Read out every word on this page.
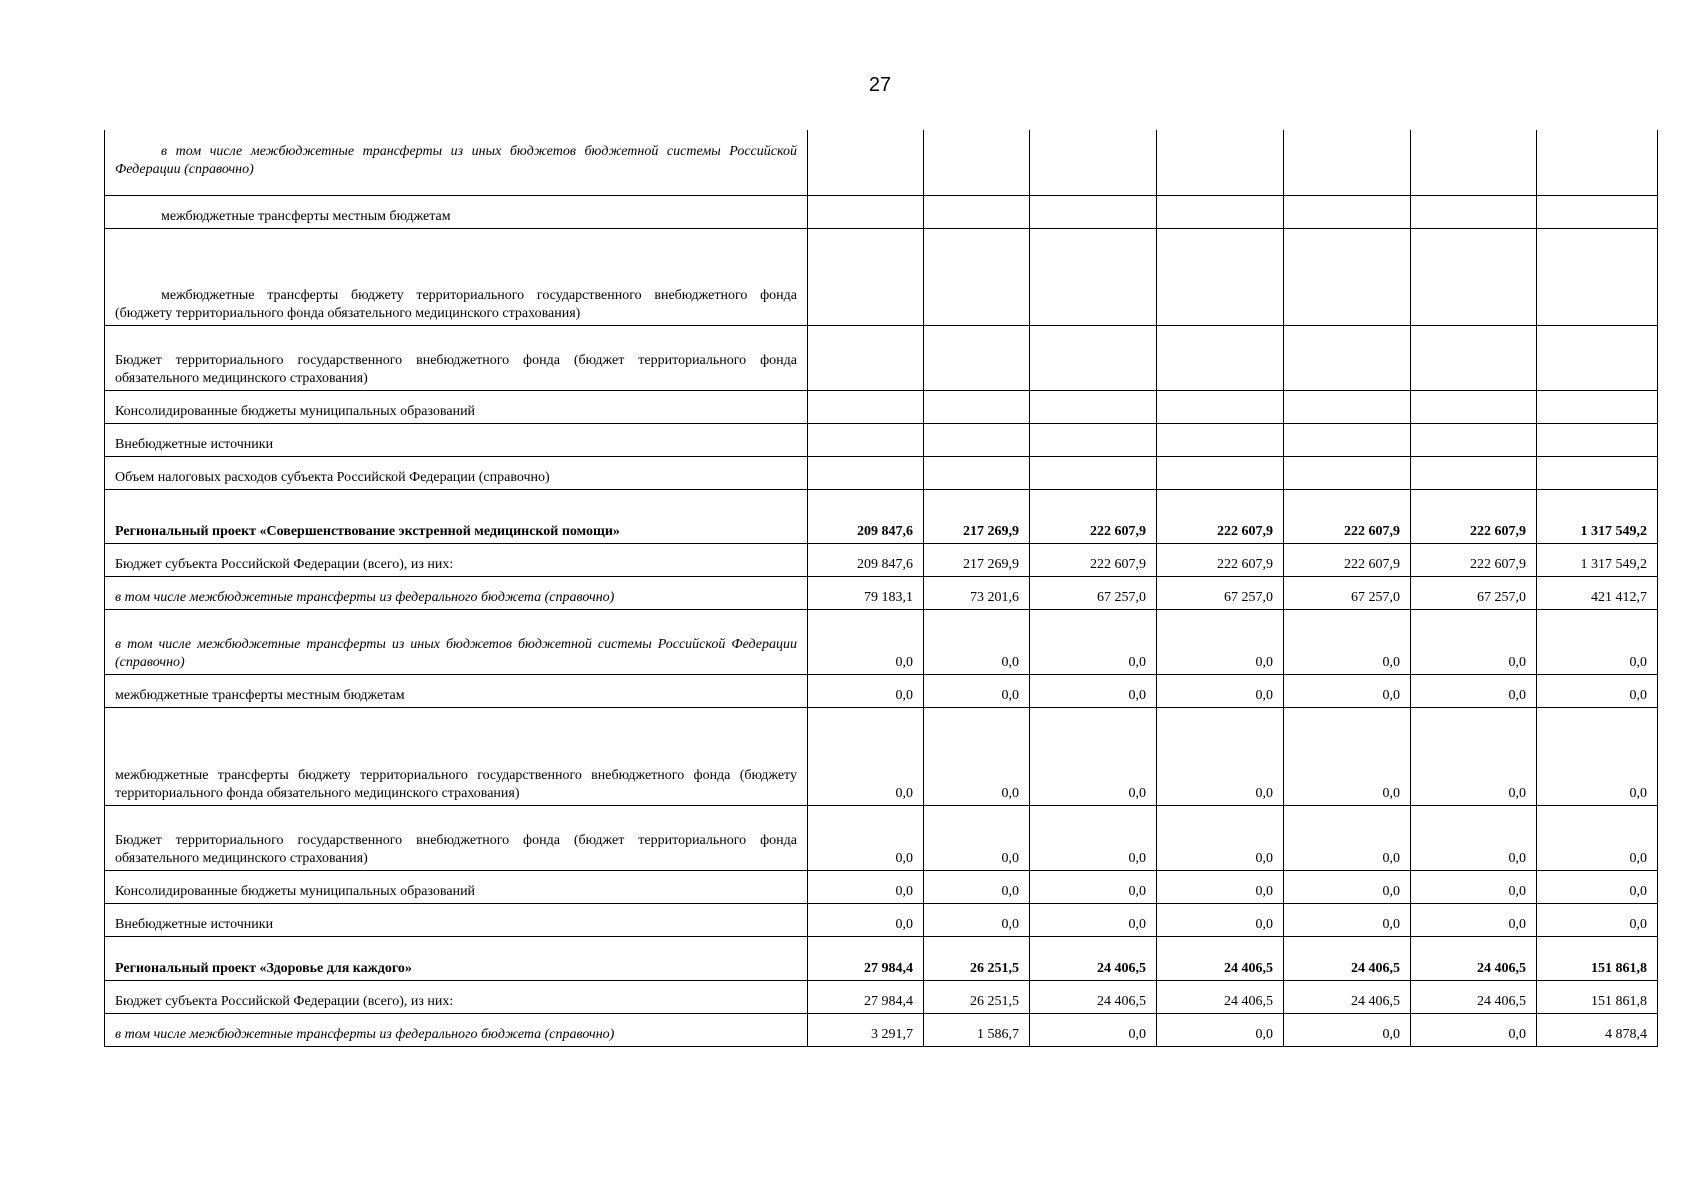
27
в том числе межбюджетные трансферты из иных бюджетов бюджетной системы Российской Федерации (справочно)							
межбюджетные трансферты местным бюджетам							
межбюджетные трансферты бюджету территориального государственного внебюджетного фонда (бюджету территориального фонда обязательного медицинского страхования)							
Бюджет территориального государственного внебюджетного фонда (бюджет территориального фонда обязательного медицинского страхования)							
Консолидированные бюджеты муниципальных образований							
Внебюджетные источники							
Объем налоговых расходов субъекта Российской Федерации (справочно)							
Региональный проект «Совершенствование экстренной медицинской помощи»	209 847,6	217 269,9	222 607,9	222 607,9	222 607,9	222 607,9	1 317 549,2
Бюджет субъекта Российской Федерации (всего), из них:	209 847,6	217 269,9	222 607,9	222 607,9	222 607,9	222 607,9	1 317 549,2
в том числе межбюджетные трансферты из федерального бюджета (справочно)	79 183,1	73 201,6	67 257,0	67 257,0	67 257,0	67 257,0	421 412,7
в том числе межбюджетные трансферты из иных бюджетов бюджетной системы Российской Федерации (справочно)	0,0	0,0	0,0	0,0	0,0	0,0	0,0
межбюджетные трансферты местным бюджетам	0,0	0,0	0,0	0,0	0,0	0,0	0,0
межбюджетные трансферты бюджету территориального государственного внебюджетного фонда (бюджету территориального фонда обязательного медицинского страхования)	0,0	0,0	0,0	0,0	0,0	0,0	0,0
Бюджет территориального государственного внебюджетного фонда (бюджет территориального фонда обязательного медицинского страхования)	0,0	0,0	0,0	0,0	0,0	0,0	0,0
Консолидированные бюджеты муниципальных образований	0,0	0,0	0,0	0,0	0,0	0,0	0,0
Внебюджетные источники	0,0	0,0	0,0	0,0	0,0	0,0	0,0
Региональный проект «Здоровье для каждого»	27 984,4	26 251,5	24 406,5	24 406,5	24 406,5	24 406,5	151 861,8
Бюджет субъекта Российской Федерации (всего), из них:	27 984,4	26 251,5	24 406,5	24 406,5	24 406,5	24 406,5	151 861,8
в том числе межбюджетные трансферты из федерального бюджета (справочно)	3 291,7	1 586,7	0,0	0,0	0,0	0,0	4 878,4
